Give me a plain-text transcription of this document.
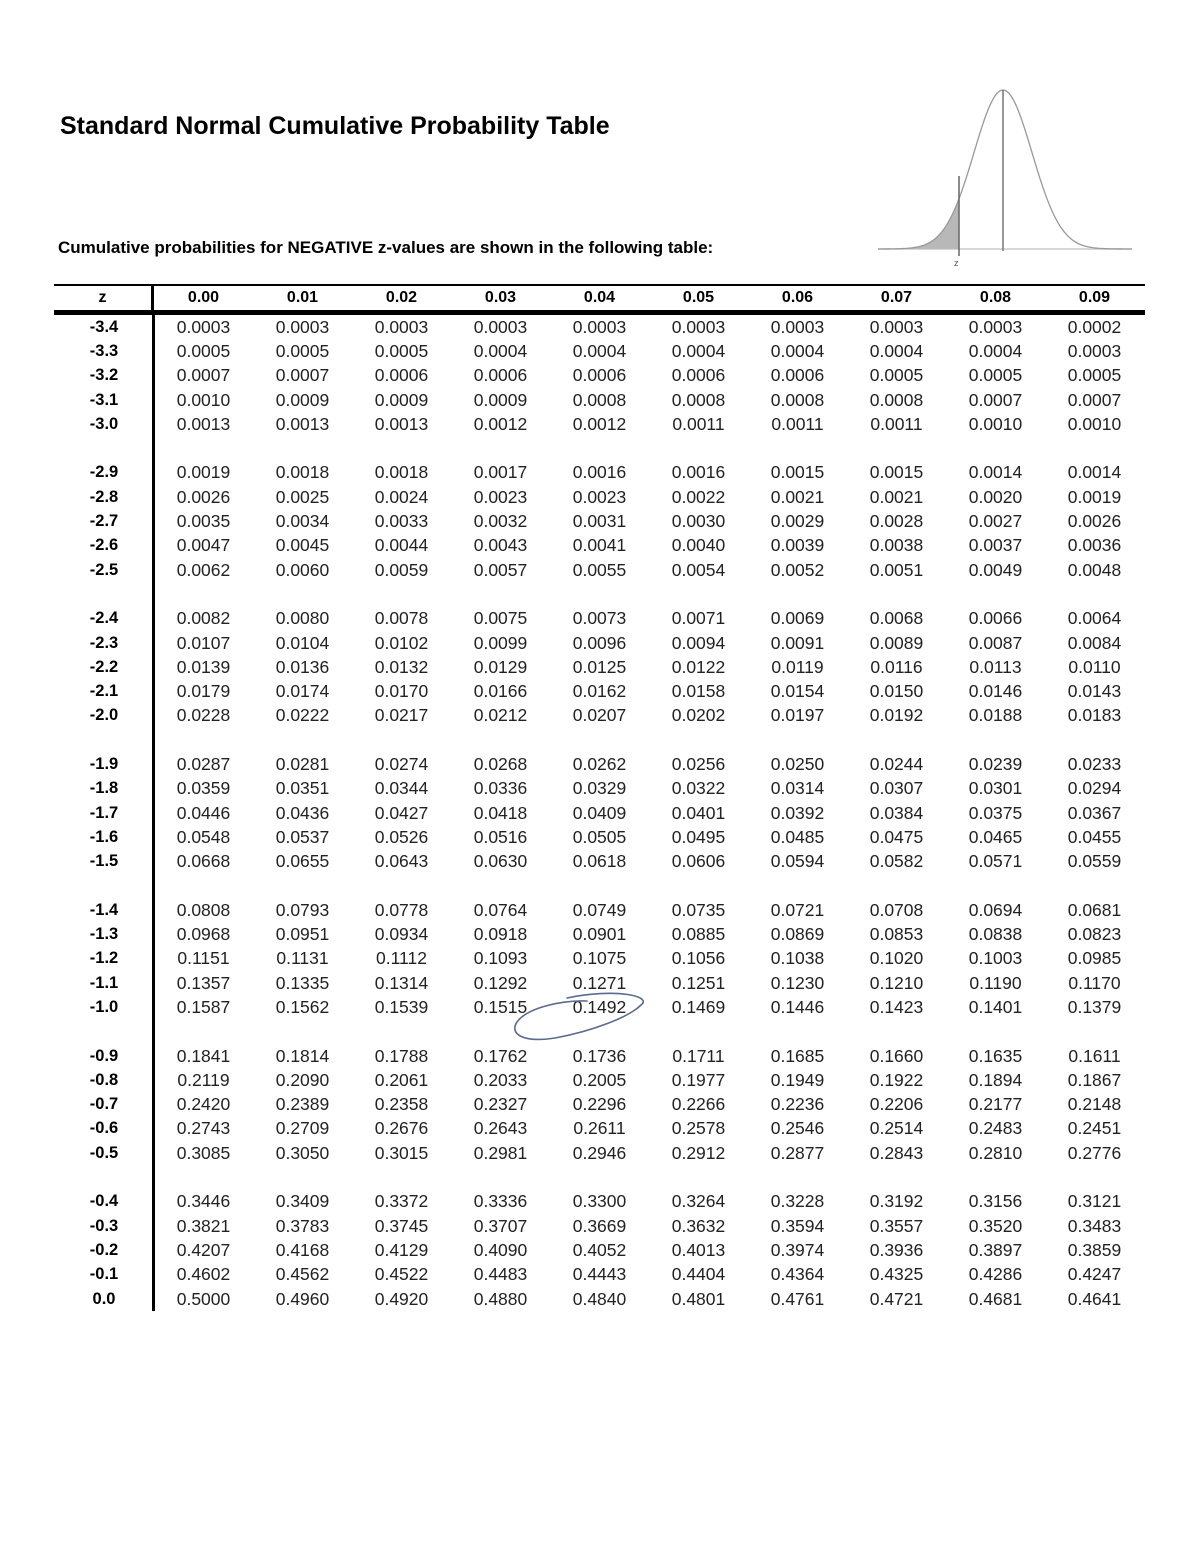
Standard Normal Cumulative Probability Table

Cumulative probabilities for NEGATIVE z-values are shown in the following table:

z
z	0.00	0.01	0.02	0.03	0.04	0.05	0.06	0.07	0.08	0.09
-3.4	0.0003	0.0003	0.0003	0.0003	0.0003	0.0003	0.0003	0.0003	0.0003	0.0002
-3.3	0.0005	0.0005	0.0005	0.0004	0.0004	0.0004	0.0004	0.0004	0.0004	0.0003
-3.2	0.0007	0.0007	0.0006	0.0006	0.0006	0.0006	0.0006	0.0005	0.0005	0.0005
-3.1	0.0010	0.0009	0.0009	0.0009	0.0008	0.0008	0.0008	0.0008	0.0007	0.0007
-3.0	0.0013	0.0013	0.0013	0.0012	0.0012	0.0011	0.0011	0.0011	0.0010	0.0010
-2.9	0.0019	0.0018	0.0018	0.0017	0.0016	0.0016	0.0015	0.0015	0.0014	0.0014
-2.8	0.0026	0.0025	0.0024	0.0023	0.0023	0.0022	0.0021	0.0021	0.0020	0.0019
-2.7	0.0035	0.0034	0.0033	0.0032	0.0031	0.0030	0.0029	0.0028	0.0027	0.0026
-2.6	0.0047	0.0045	0.0044	0.0043	0.0041	0.0040	0.0039	0.0038	0.0037	0.0036
-2.5	0.0062	0.0060	0.0059	0.0057	0.0055	0.0054	0.0052	0.0051	0.0049	0.0048
-2.4	0.0082	0.0080	0.0078	0.0075	0.0073	0.0071	0.0069	0.0068	0.0066	0.0064
-2.3	0.0107	0.0104	0.0102	0.0099	0.0096	0.0094	0.0091	0.0089	0.0087	0.0084
-2.2	0.0139	0.0136	0.0132	0.0129	0.0125	0.0122	0.0119	0.0116	0.0113	0.0110
-2.1	0.0179	0.0174	0.0170	0.0166	0.0162	0.0158	0.0154	0.0150	0.0146	0.0143
-2.0	0.0228	0.0222	0.0217	0.0212	0.0207	0.0202	0.0197	0.0192	0.0188	0.0183
-1.9	0.0287	0.0281	0.0274	0.0268	0.0262	0.0256	0.0250	0.0244	0.0239	0.0233
-1.8	0.0359	0.0351	0.0344	0.0336	0.0329	0.0322	0.0314	0.0307	0.0301	0.0294
-1.7	0.0446	0.0436	0.0427	0.0418	0.0409	0.0401	0.0392	0.0384	0.0375	0.0367
-1.6	0.0548	0.0537	0.0526	0.0516	0.0505	0.0495	0.0485	0.0475	0.0465	0.0455
-1.5	0.0668	0.0655	0.0643	0.0630	0.0618	0.0606	0.0594	0.0582	0.0571	0.0559
-1.4	0.0808	0.0793	0.0778	0.0764	0.0749	0.0735	0.0721	0.0708	0.0694	0.0681
-1.3	0.0968	0.0951	0.0934	0.0918	0.0901	0.0885	0.0869	0.0853	0.0838	0.0823
-1.2	0.1151	0.1131	0.1112	0.1093	0.1075	0.1056	0.1038	0.1020	0.1003	0.0985
-1.1	0.1357	0.1335	0.1314	0.1292	0.1271	0.1251	0.1230	0.1210	0.1190	0.1170
-1.0	0.1587	0.1562	0.1539	0.1515	0.1492	0.1469	0.1446	0.1423	0.1401	0.1379
-0.9	0.1841	0.1814	0.1788	0.1762	0.1736	0.1711	0.1685	0.1660	0.1635	0.1611
-0.8	0.2119	0.2090	0.2061	0.2033	0.2005	0.1977	0.1949	0.1922	0.1894	0.1867
-0.7	0.2420	0.2389	0.2358	0.2327	0.2296	0.2266	0.2236	0.2206	0.2177	0.2148
-0.6	0.2743	0.2709	0.2676	0.2643	0.2611	0.2578	0.2546	0.2514	0.2483	0.2451
-0.5	0.3085	0.3050	0.3015	0.2981	0.2946	0.2912	0.2877	0.2843	0.2810	0.2776
-0.4	0.3446	0.3409	0.3372	0.3336	0.3300	0.3264	0.3228	0.3192	0.3156	0.3121
-0.3	0.3821	0.3783	0.3745	0.3707	0.3669	0.3632	0.3594	0.3557	0.3520	0.3483
-0.2	0.4207	0.4168	0.4129	0.4090	0.4052	0.4013	0.3974	0.3936	0.3897	0.3859
-0.1	0.4602	0.4562	0.4522	0.4483	0.4443	0.4404	0.4364	0.4325	0.4286	0.4247
0.0	0.5000	0.4960	0.4920	0.4880	0.4840	0.4801	0.4761	0.4721	0.4681	0.4641
